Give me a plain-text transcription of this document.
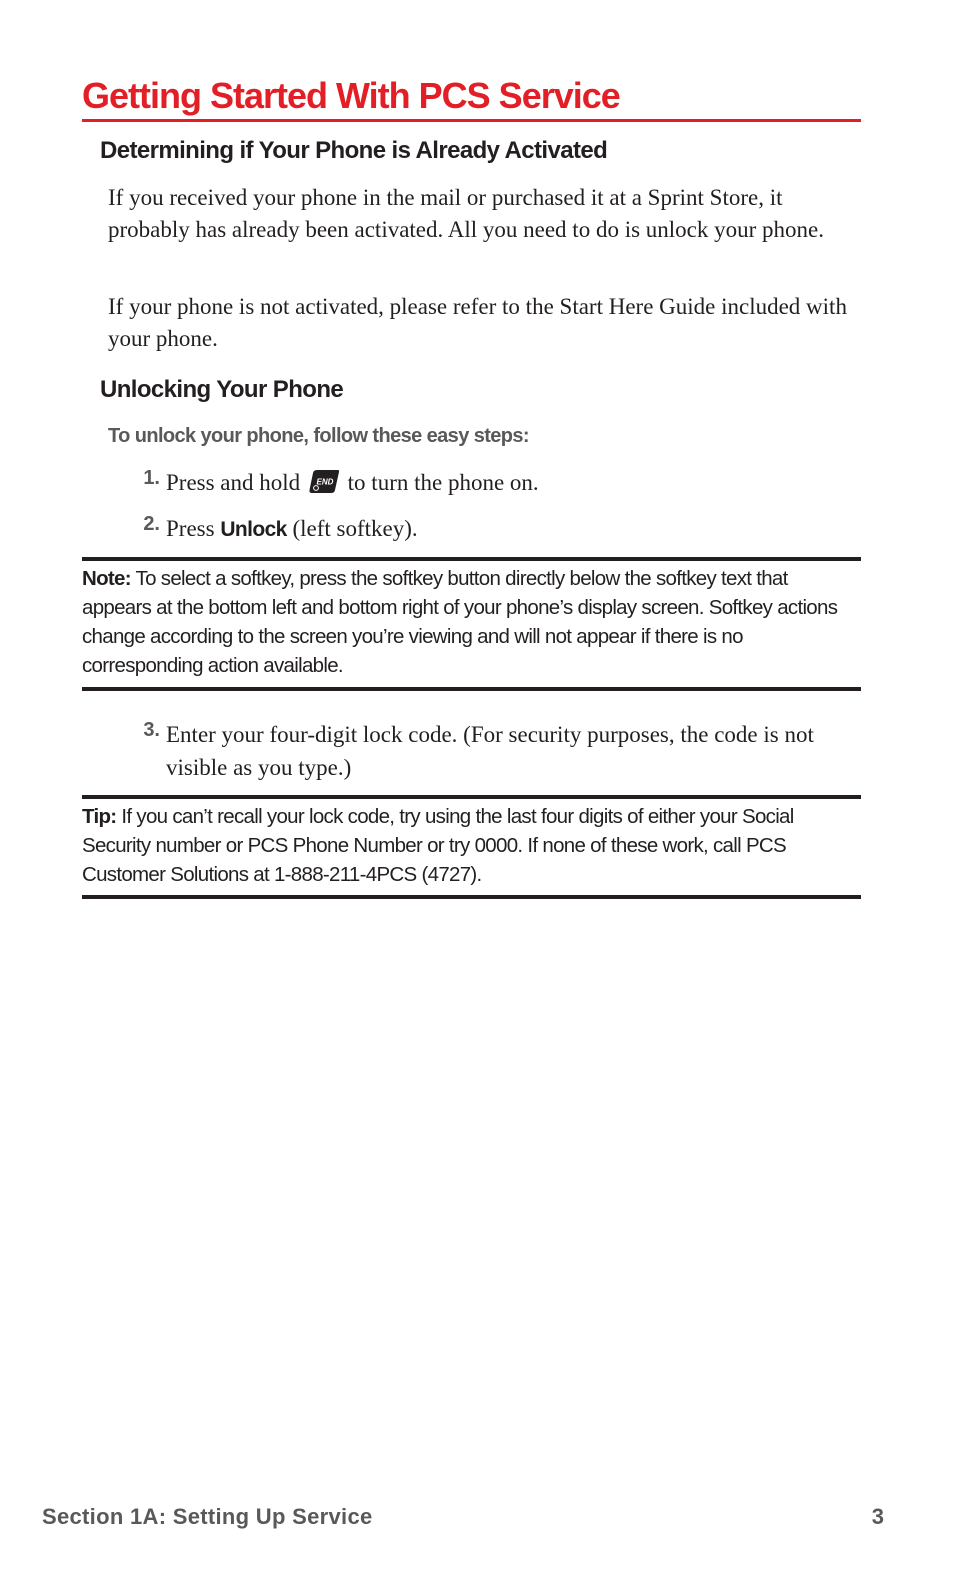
Getting Started With PCS Service
Determining if Your Phone is Already Activated

If you received your phone in the mail or purchased it at a Sprint Store, it probably has already been activated. All you need to do is unlock your phone.

If your phone is not activated, please refer to the Start Here Guide included with your phone.

Unlocking Your Phone

To unlock your phone, follow these easy steps:

1. Press and hold END to turn the phone on.
2. Press Unlock (left softkey).

Note: To select a softkey, press the softkey button directly below the softkey text that appears at the bottom left and bottom right of your phone’s display screen. Softkey actions change according to the screen you’re viewing and will not appear if there is no corresponding action available.

3. Enter your four-digit lock code. (For security purposes, the code is not visible as you type.)

Tip: If you can’t recall your lock code, try using the last four digits of either your Social Security number or PCS Phone Number or try 0000. If none of these work, call PCS Customer Solutions at 1-888-211-4PCS (4727).

Section 1A: Setting Up Service	3
